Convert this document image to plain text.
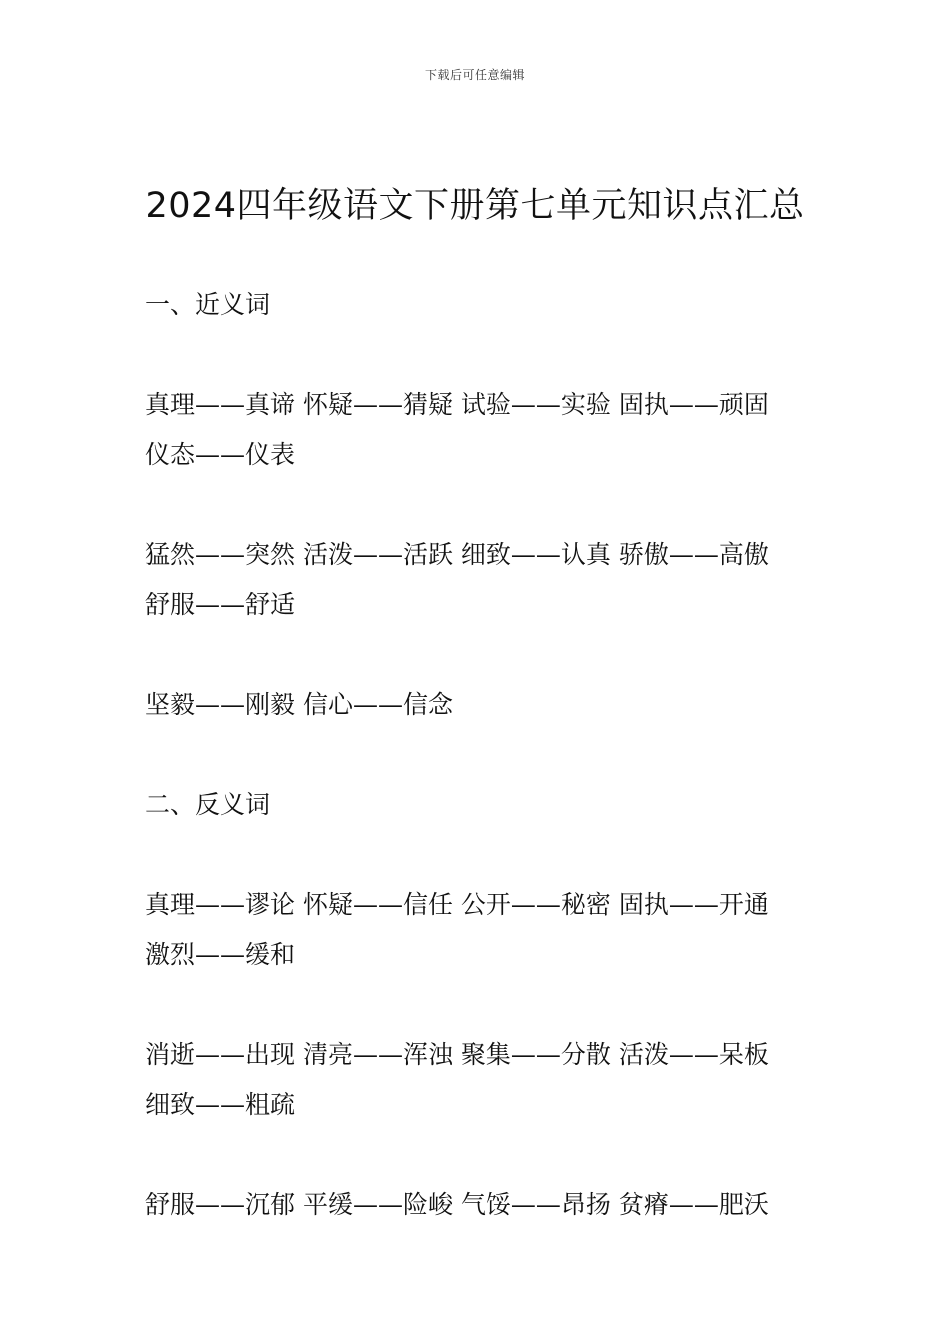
下载后可任意编辑
2024四年级语文下册第七单元知识点汇总
一、近义词
真理——真谛 怀疑——猜疑 试验——实验 固执——顽固
仪态——仪表
猛然——突然 活泼——活跃 细致——认真 骄傲——高傲
舒服——舒适
坚毅——刚毅 信心——信念
二、反义词
真理——谬论 怀疑——信任 公开——秘密 固执——开通
激烈——缓和
消逝——出现 清亮——浑浊 聚集——分散 活泼——呆板
细致——粗疏
舒服——沉郁 平缓——险峻 气馁——昂扬 贫瘠——肥沃
